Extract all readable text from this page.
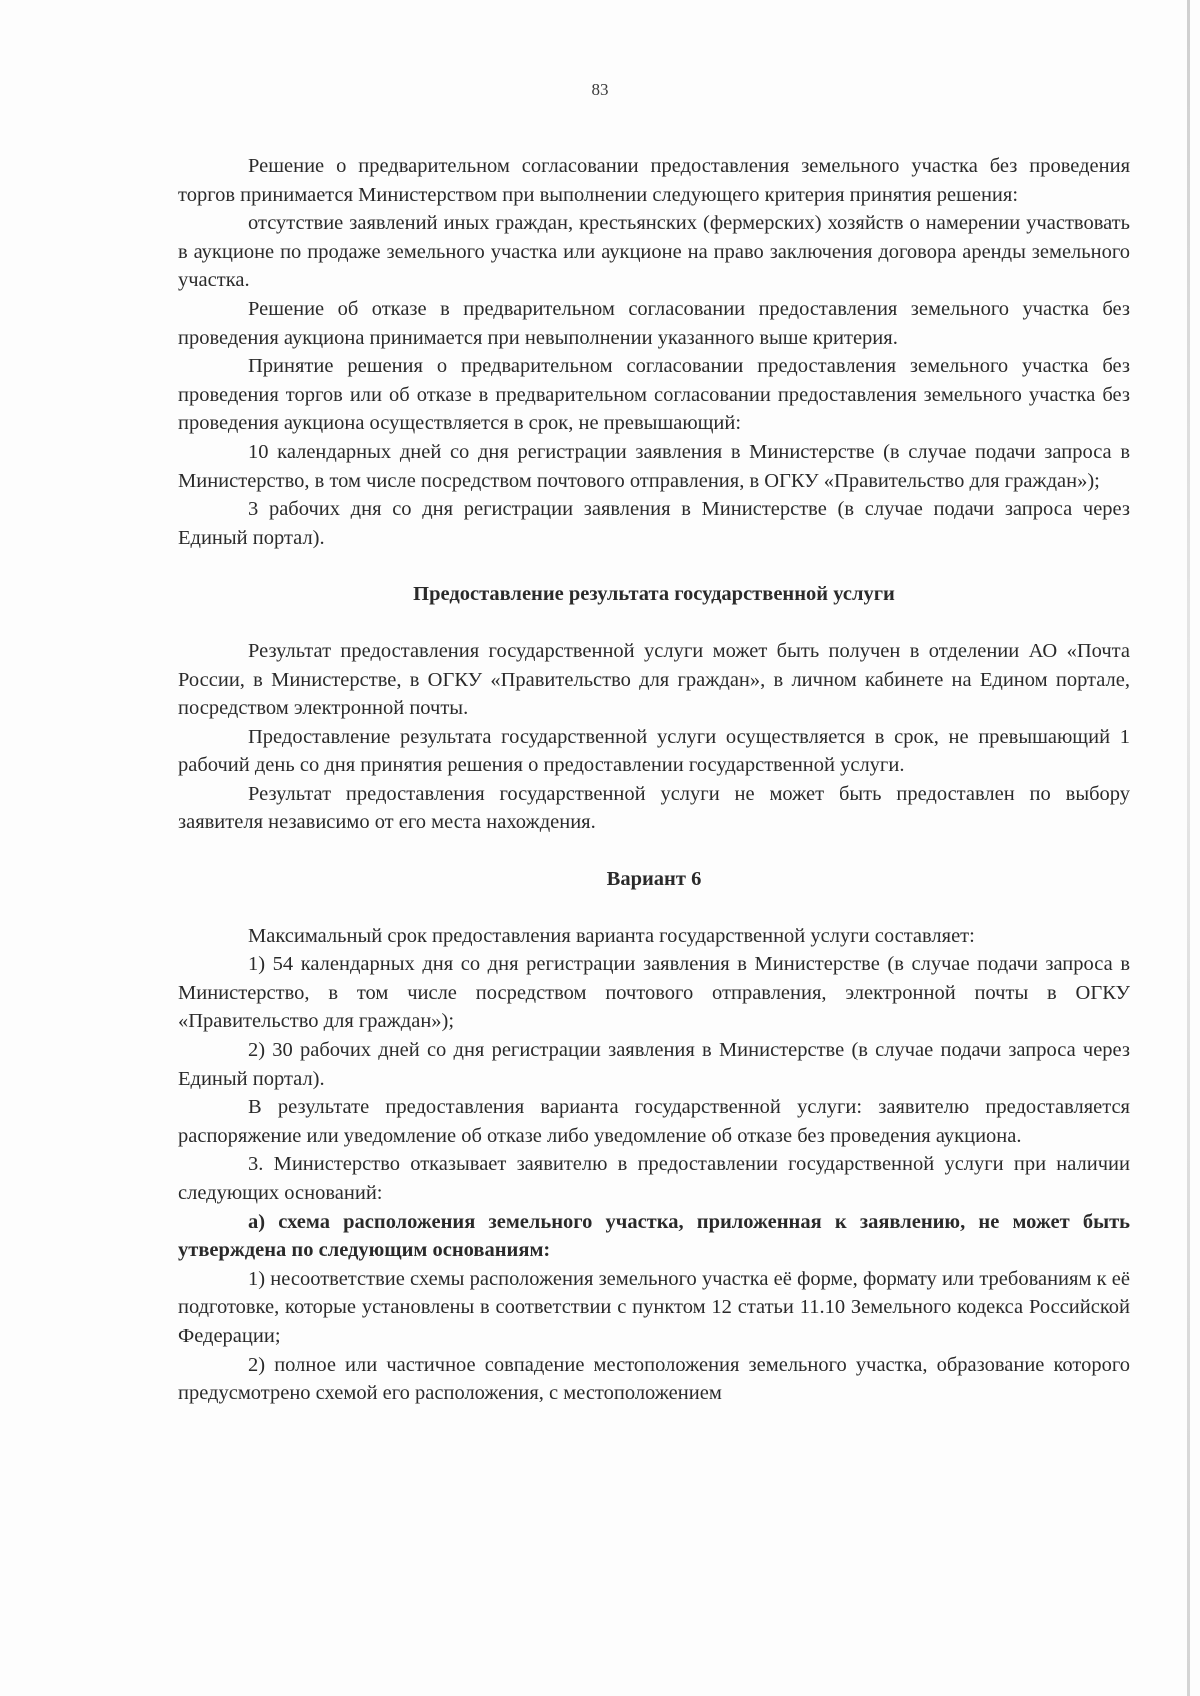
83

Решение о предварительном согласовании предоставления земельного участка без проведения торгов принимается Министерством при выполнении следующего критерия принятия решения:

отсутствие заявлений иных граждан, крестьянских (фермерских) хозяйств о намерении участвовать в аукционе по продаже земельного участка или аукционе на право заключения договора аренды земельного участка.

Решение об отказе в предварительном согласовании предоставления земельного участка без проведения аукциона принимается при невыполнении указанного выше критерия.

Принятие решения о предварительном согласовании предоставления земельного участка без проведения торгов или об отказе в предварительном согласовании предоставления земельного участка без проведения аукциона осуществляется в срок, не превышающий:

10 календарных дней со дня регистрации заявления в Министерстве (в случае подачи запроса в Министерство, в том числе посредством почтового отправления, в ОГКУ «Правительство для граждан»);

3 рабочих дня со дня регистрации заявления в Министерстве (в случае подачи запроса через Единый портал).

Предоставление результата государственной услуги

Результат предоставления государственной услуги может быть получен в отделении АО «Почта России, в Министерстве, в ОГКУ «Правительство для граждан», в личном кабинете на Едином портале, посредством электронной почты.

Предоставление результата государственной услуги осуществляется в срок, не превышающий 1 рабочий день со дня принятия решения о предоставлении государственной услуги.

Результат предоставления государственной услуги не может быть предоставлен по выбору заявителя независимо от его места нахождения.

Вариант 6

Максимальный срок предоставления варианта государственной услуги составляет:

1) 54 календарных дня со дня регистрации заявления в Министерстве (в случае подачи запроса в Министерство, в том числе посредством почтового отправления, электронной почты в ОГКУ «Правительство для граждан»);

2) 30 рабочих дней со дня регистрации заявления в Министерстве (в случае подачи запроса через Единый портал).

В результате предоставления варианта государственной услуги: заявителю предоставляется распоряжение или уведомление об отказе либо уведомление об отказе без проведения аукциона.

3. Министерство отказывает заявителю в предоставлении государственной услуги при наличии следующих оснований:

а) схема расположения земельного участка, приложенная к заявлению, не может быть утверждена по следующим основаниям:

1) несоответствие схемы расположения земельного участка её форме, формату или требованиям к её подготовке, которые установлены в соответствии с пунктом 12 статьи 11.10 Земельного кодекса Российской Федерации;

2) полное или частичное совпадение местоположения земельного участка, образование которого предусмотрено схемой его расположения, с местоположением
